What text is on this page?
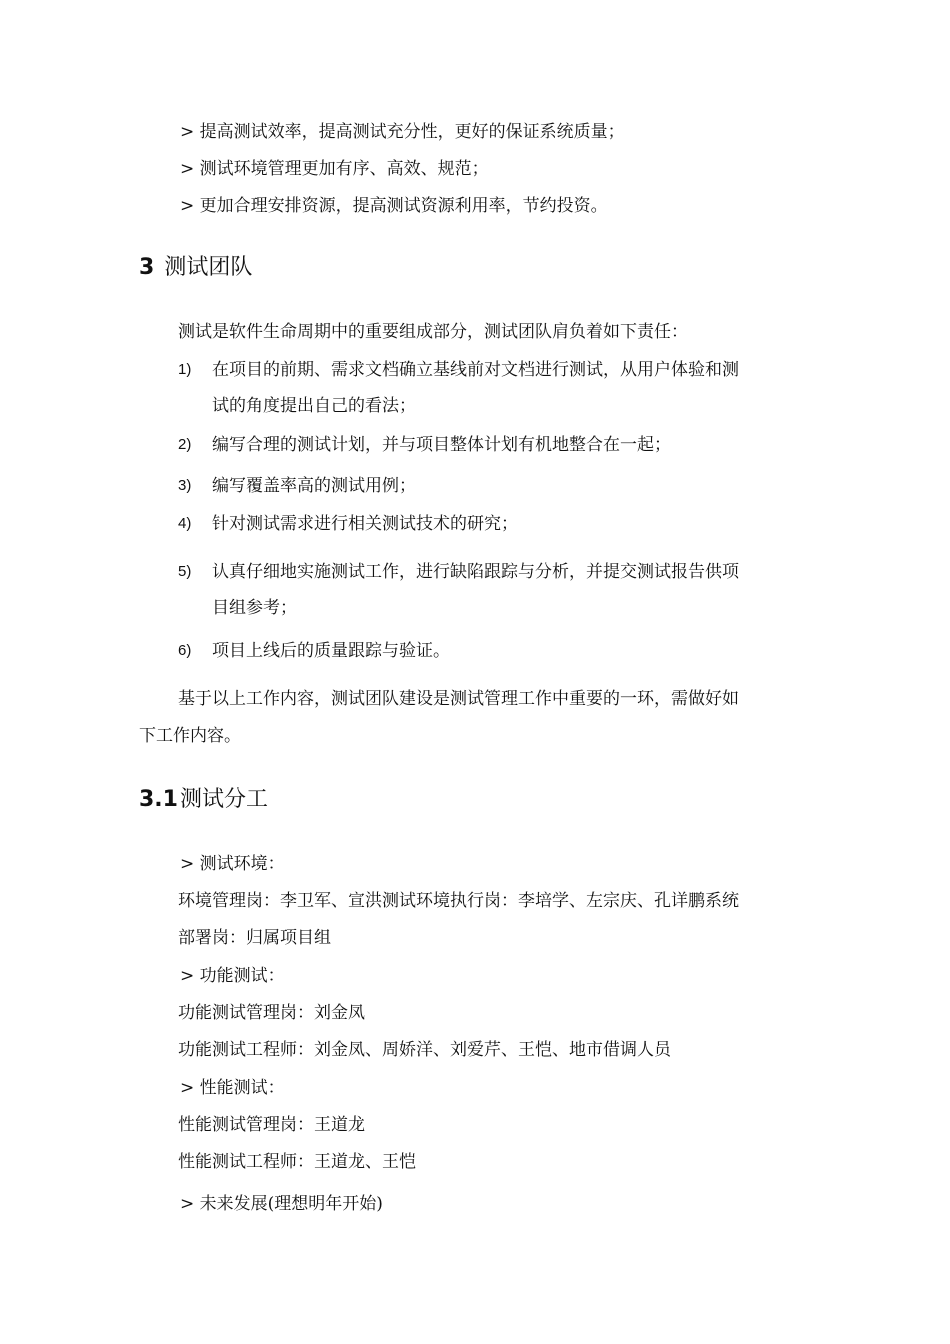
> 提高测试效率，提高测试充分性，更好的保证系统质量；
> 测试环境管理更加有序、高效、规范；
> 更加合理安排资源，提高测试资源利用率，节约投资。
3 测试团队
测试是软件生命周期中的重要组成部分，测试团队肩负着如下责任：
1) 在项目的前期、需求文档确立基线前对文档进行测试，从用户体验和测
试的角度提出自己的看法；
2) 编写合理的测试计划，并与项目整体计划有机地整合在一起；
3) 编写覆盖率高的测试用例；
4) 针对测试需求进行相关测试技术的研究；
5) 认真仔细地实施测试工作，进行缺陷跟踪与分析，并提交测试报告供项
目组参考；
6) 项目上线后的质量跟踪与验证。
基于以上工作内容，测试团队建设是测试管理工作中重要的一环，需做好如
下工作内容。
3.1测试分工
> 测试环境：
环境管理岗：李卫军、宣洪测试环境执行岗：李培学、左宗庆、孔详鹏系统
部署岗：归属项目组
> 功能测试：
功能测试管理岗：刘金凤
功能测试工程师：刘金凤、周娇洋、刘爱芹、王恺、地市借调人员
> 性能测试：
性能测试管理岗：王道龙
性能测试工程师：王道龙、王恺
> 未来发展(理想明年开始)
